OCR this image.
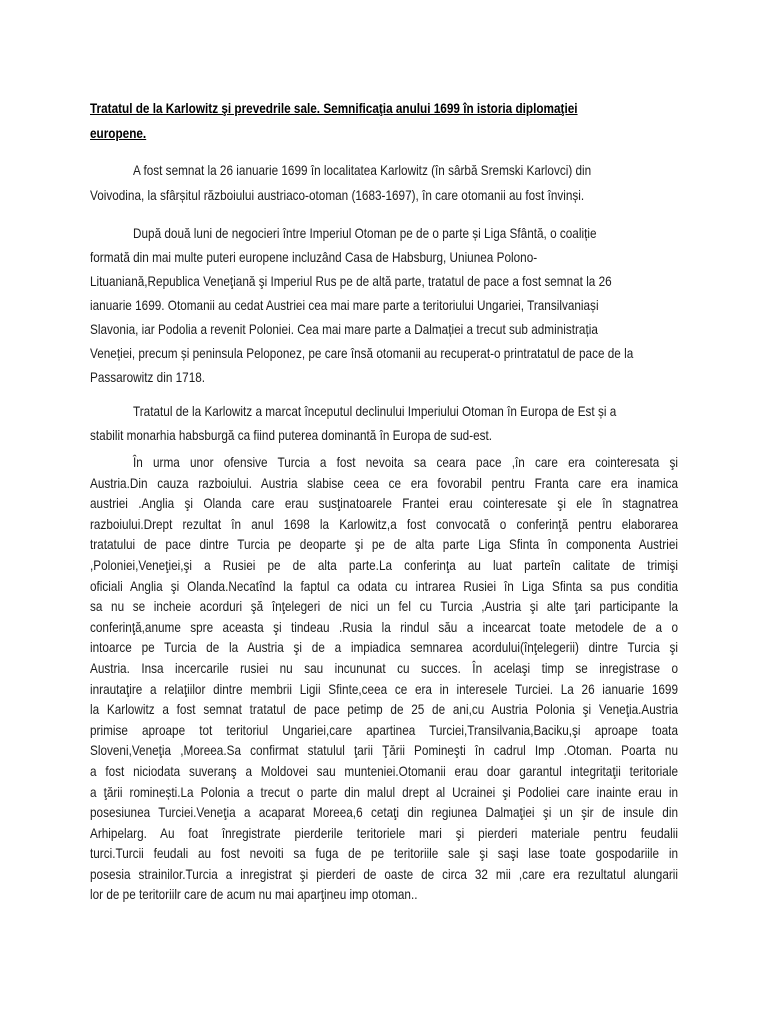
Tratatul de la Karlowitz şi prevedrile sale. Semnificaţia anului 1699 în istoria diplomaţiei
europene.
A fost semnat la 26 ianuarie 1699 în localitatea Karlowitz (în sârbă Sremski Karlovci) din
Voivodina, la sfârșitul războiului austriaco-otoman (1683-1697), în care otomanii au fost învinși.
După două luni de negocieri între Imperiul Otoman pe de o parte și Liga Sfântă, o coaliție
formată din mai multe puteri europene incluzând Casa de Habsburg, Uniunea Polono-
Lituaniană,Republica Veneţiană şi Imperiul Rus pe de altă parte, tratatul de pace a fost semnat la 26
ianuarie 1699. Otomanii au cedat Austriei cea mai mare parte a teritoriului Ungariei, Transilvaniași
Slavonia, iar Podolia a revenit Poloniei. Cea mai mare parte a Dalmației a trecut sub administrația
Veneției, precum și peninsula Peloponez, pe care însă otomanii au recuperat-o printratatul de pace de la
Passarowitz din 1718.
Tratatul de la Karlowitz a marcat începutul declinului Imperiului Otoman în Europa de Est și a
stabilit monarhia habsburgă ca fiind puterea dominantă în Europa de sud-est.
În urma unor ofensive Turcia a fost nevoita sa ceara pace ,în care era cointeresata şi
Austria.Din cauza razboiului. Austria slabise ceea ce era fovorabil pentru Franta care era inamica
austriei .Anglia şi Olanda care erau susţinatoarele Frantei erau cointeresate şi ele în stagnatrea
razboiului.Drept rezultat în anul 1698 la Karlowitz,a fost convocată o conferinţă pentru elaborarea
tratatului de pace dintre Turcia pe deoparte şi pe de alta parte Liga Sfinta în componenta Austriei
,Poloniei,Veneţiei,şi a Rusiei pe de alta parte.La conferinţa au luat parteîn calitate de trimişi
oficiali Anglia şi Olanda.Necatînd la faptul ca odata cu intrarea Rusiei în Liga Sfinta sa pus conditia
sa nu se incheie acorduri şă înţelegeri de nici un fel cu Turcia ,Austria şi alte ţari participante la
conferinţă,anume spre aceasta şi tindeau .Rusia la rindul său a incearcat toate metodele de a o
intoarce pe Turcia de la Austria şi de a impiadica semnarea acordului(înţelegerii) dintre Turcia şi
Austria. Insa incercarile rusiei nu sau incununat cu succes. În acelaşi timp se inregistrase o
inrautaţire a relaţiilor dintre membrii Ligii Sfinte,ceea ce era in interesele Turciei. La 26 ianuarie 1699
la Karlowitz a fost semnat tratatul de pace petimp de 25 de ani,cu Austria Polonia şi Veneţia.Austria
primise aproape tot teritoriul Ungariei,care apartinea Turciei,Transilvania,Baciku,şi aproape toata
Sloveni,Veneţia ,Moreea.Sa confirmat statulul ţarii Ţării Pomineşti în cadrul Imp .Otoman. Poarta nu
a fost niciodata suveranş a Moldovei sau munteniei.Otomanii erau doar garantul integritaţii teritoriale
a ţării rominești.La Polonia a trecut o parte din malul drept al Ucrainei şi Podoliei care inainte erau in
posesiunea Turciei.Veneţia a acaparat Moreea,6 cetaţi din regiunea Dalmaţiei şi un şir de insule din
Arhipelarg. Au foat înregistrate pierderile teritoriele mari şi pierderi materiale pentru feudalii
turci.Turcii feudali au fost nevoiti sa fuga de pe teritoriile sale şi saşi lase toate gospodariile in
posesia strainilor.Turcia a inregistrat şi pierderi de oaste de circa 32 mii ,care era rezultatul alungarii
lor de pe teritoriilr care de acum nu mai aparţineu imp otoman..
